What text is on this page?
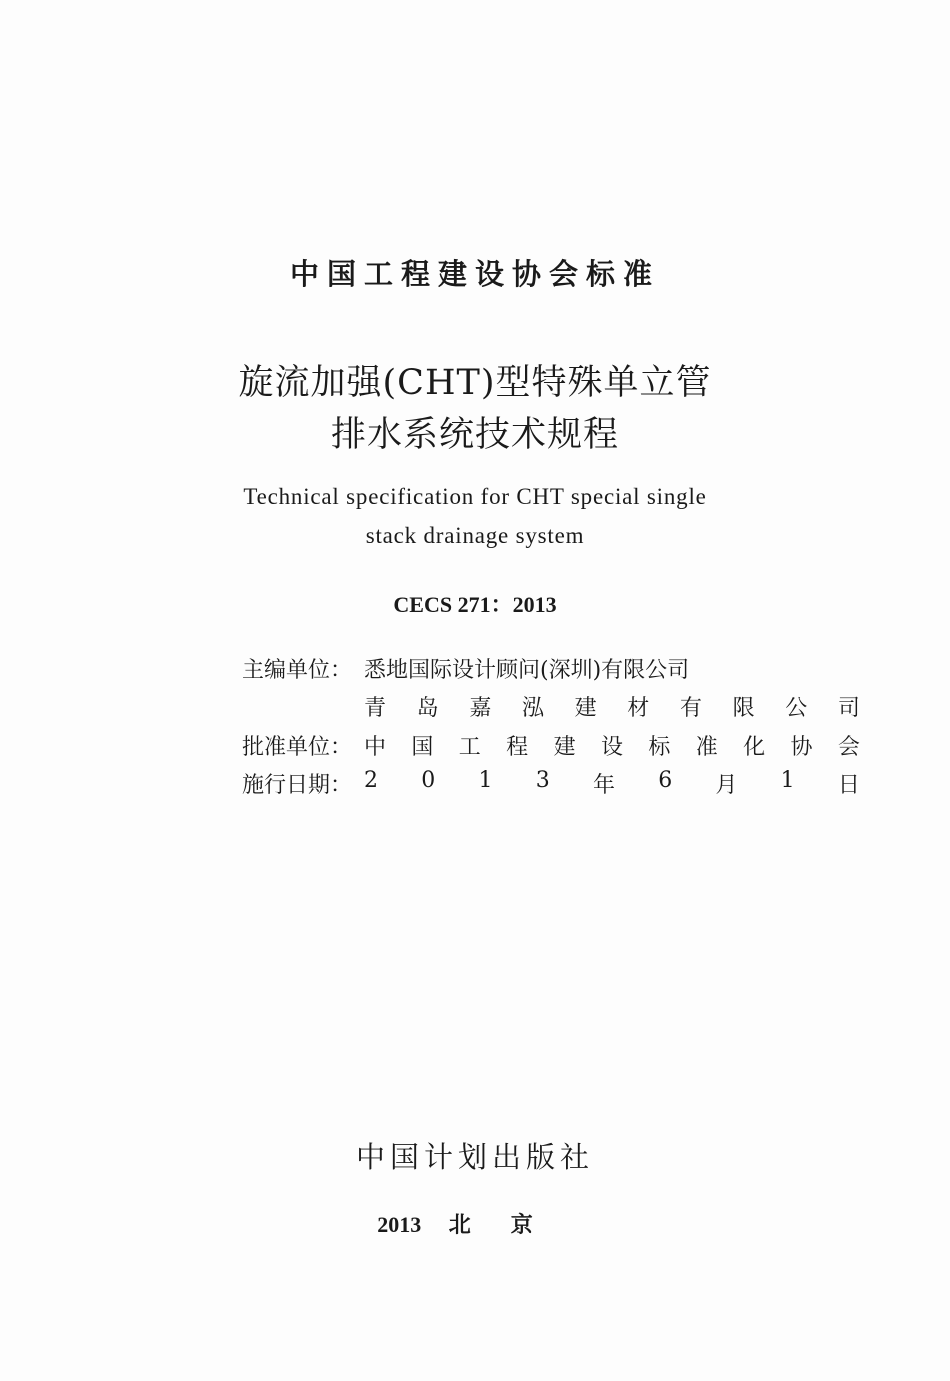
中国工程建设协会标准
旋流加强(CHT)型特殊单立管
排水系统技术规程
Technical specification for CHT special single
stack drainage system
CECS 271：2013
主编单位： 悉地国际设计顾问(深圳)有限公司
青 岛 嘉 泓 建 材 有 限 公 司
批准单位： 中 国 工 程 建 设 标 准 化 协 会
施行日期： 2 0 1 3 年 6 月 1 日
中国计划出版社
2013 北京
